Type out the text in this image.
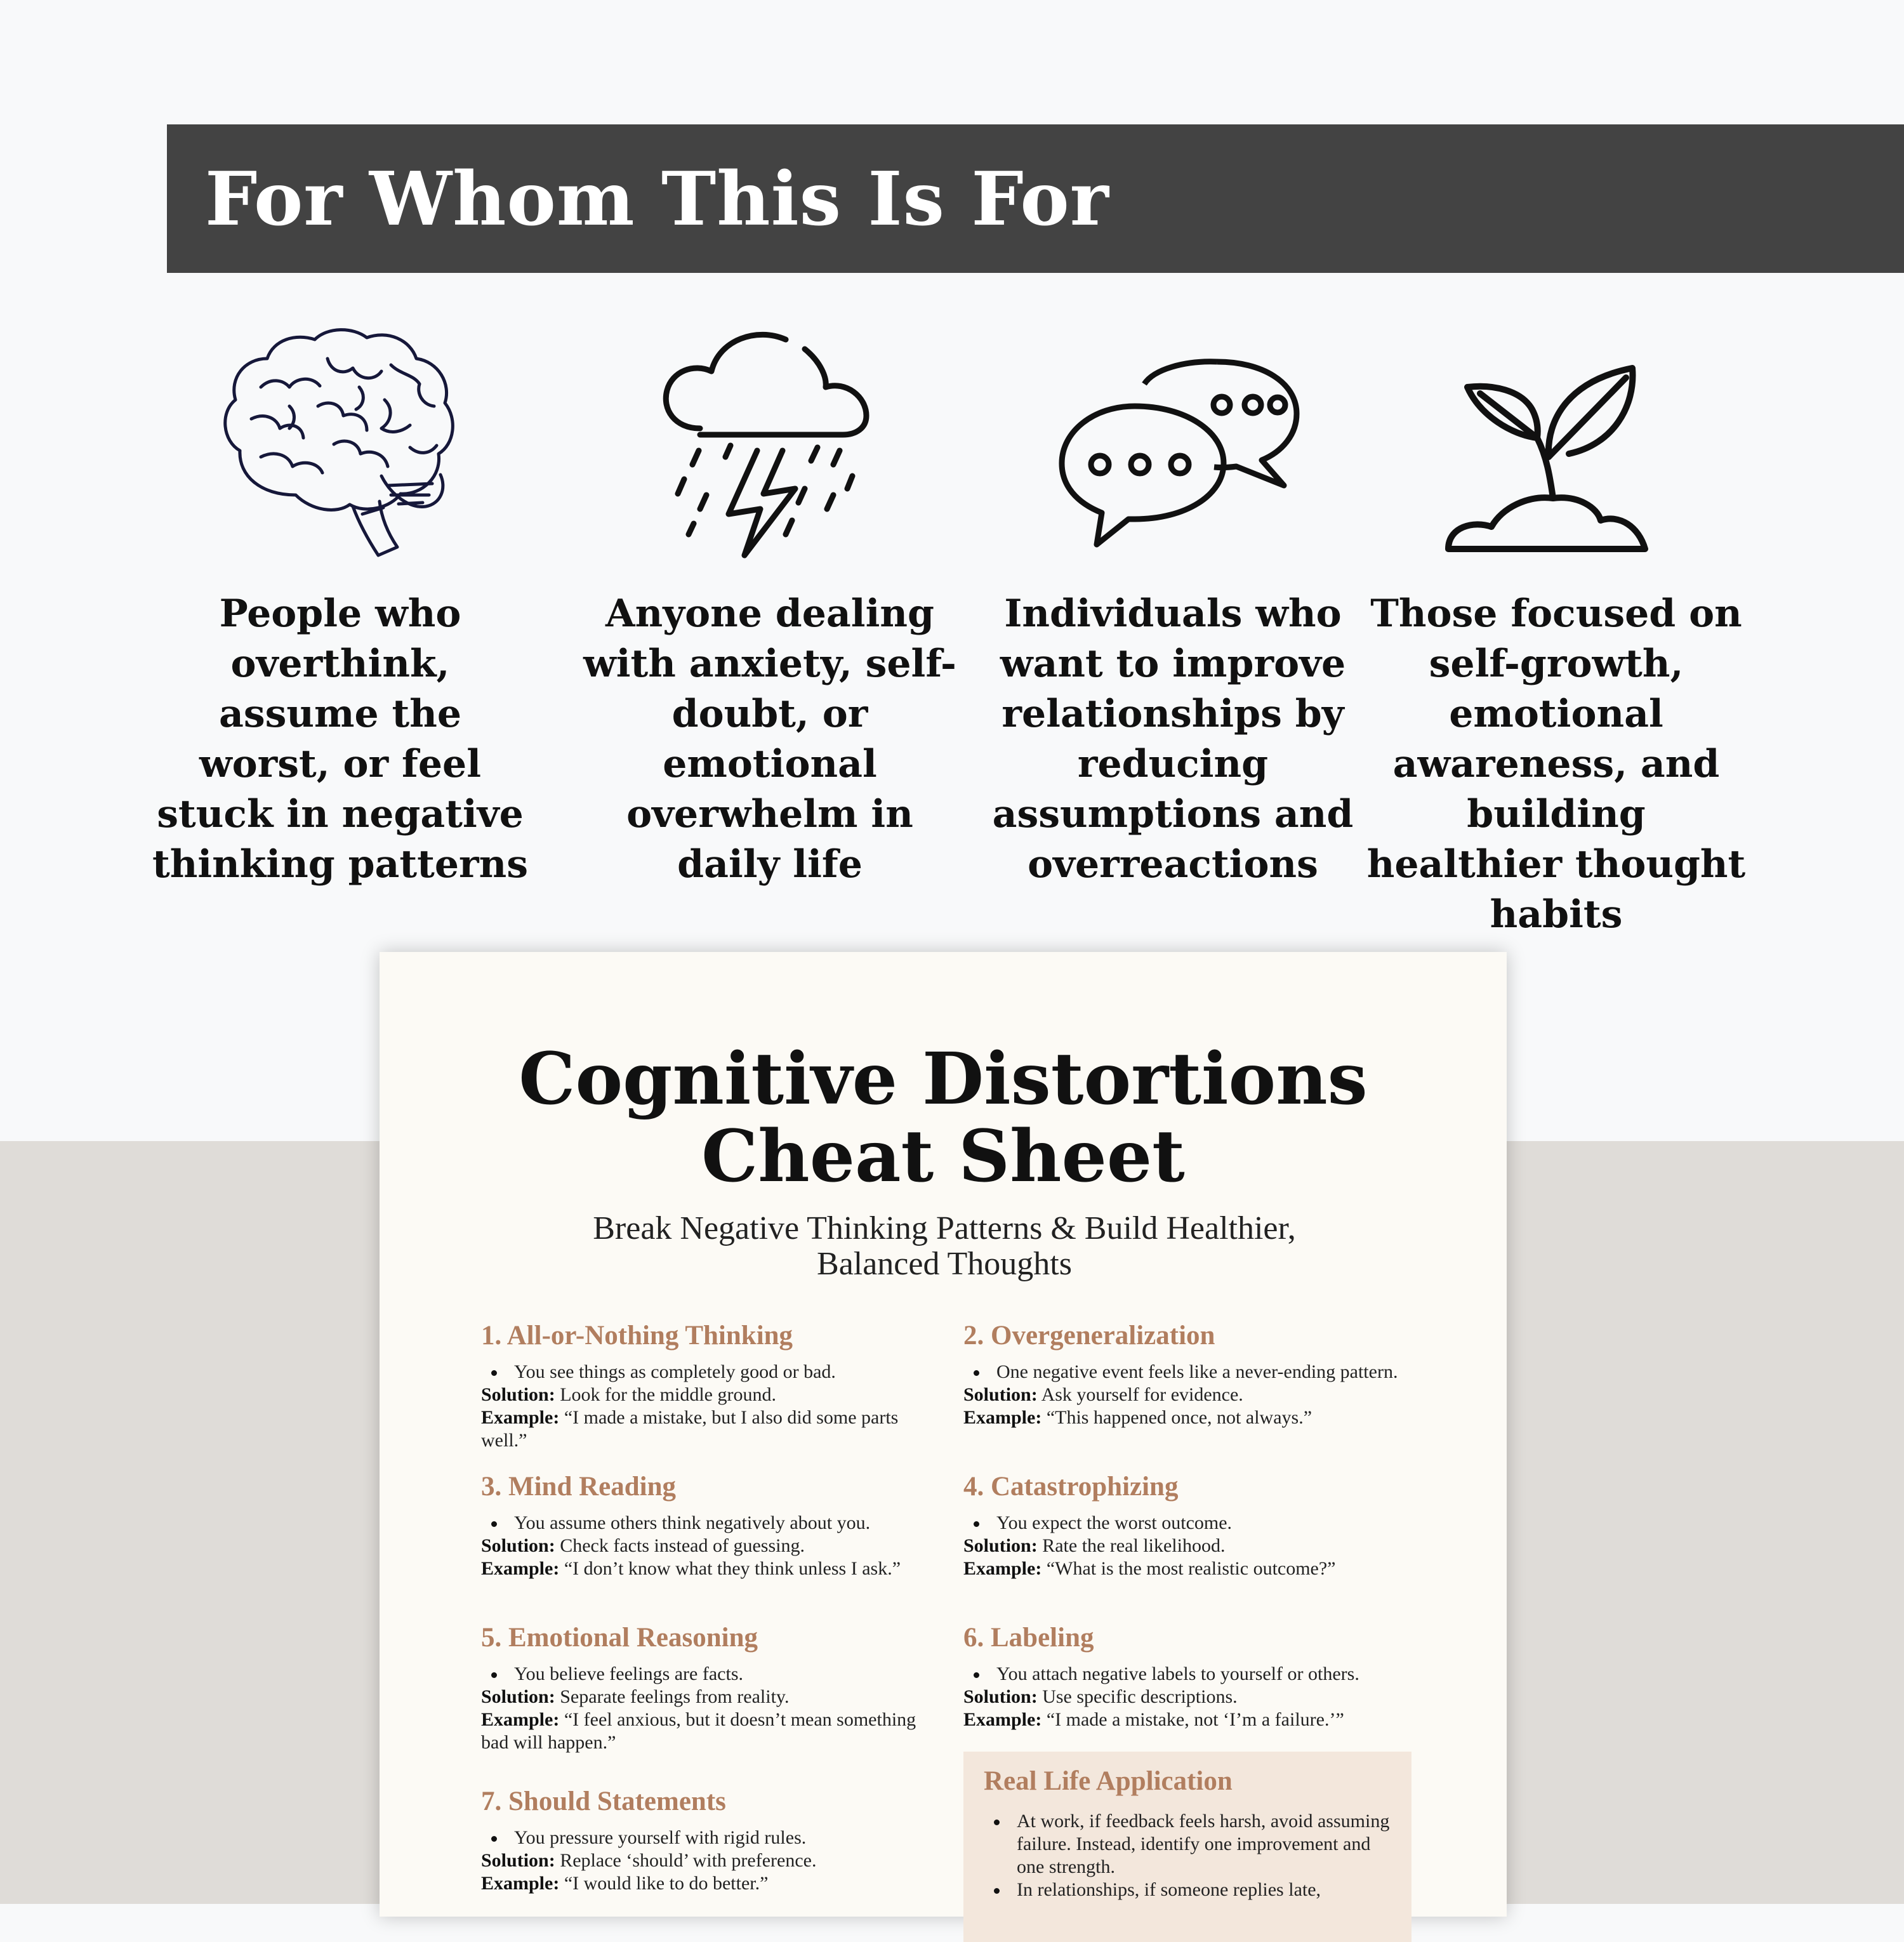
For Whom This Is For
People who overthink, assume the worst, or feel stuck in negative thinking patterns
Anyone dealing with anxiety, self-doubt, or emotional overwhelm in daily life
Individuals who want to improve relationships by reducing assumptions and overreactions
Those focused on self-growth, emotional awareness, and building healthier thought habits
Cognitive Distortions
Cheat Sheet

Break Negative Thinking Patterns & Build Healthier,
Balanced Thoughts

1. All-or-Nothing Thinking
You see things as completely good or bad.

Solution: Look for the middle ground.

Example: “I made a mistake, but I also did some parts well.”

2. Overgeneralization
One negative event feels like a never-ending pattern.

Solution: Ask yourself for evidence.

Example: “This happened once, not always.”

3. Mind Reading
You assume others think negatively about you.

Solution: Check facts instead of guessing.

Example: “I don’t know what they think unless I ask.”

4. Catastrophizing
You expect the worst outcome.

Solution: Rate the real likelihood.

Example: “What is the most realistic outcome?”

5. Emotional Reasoning
You believe feelings are facts.

Solution: Separate feelings from reality.

Example: “I feel anxious, but it doesn’t mean something bad will happen.”

6. Labeling
You attach negative labels to yourself or others.

Solution: Use specific descriptions.

Example: “I made a mistake, not ‘I’m a failure.’”

7. Should Statements
You pressure yourself with rigid rules.

Solution: Replace ‘should’ with preference.

Example: “I would like to do better.”

Real Life Application
At work, if feedback feels harsh, avoid assuming failure. Instead, identify one improvement and one strength.
In relationships, if someone replies late,
